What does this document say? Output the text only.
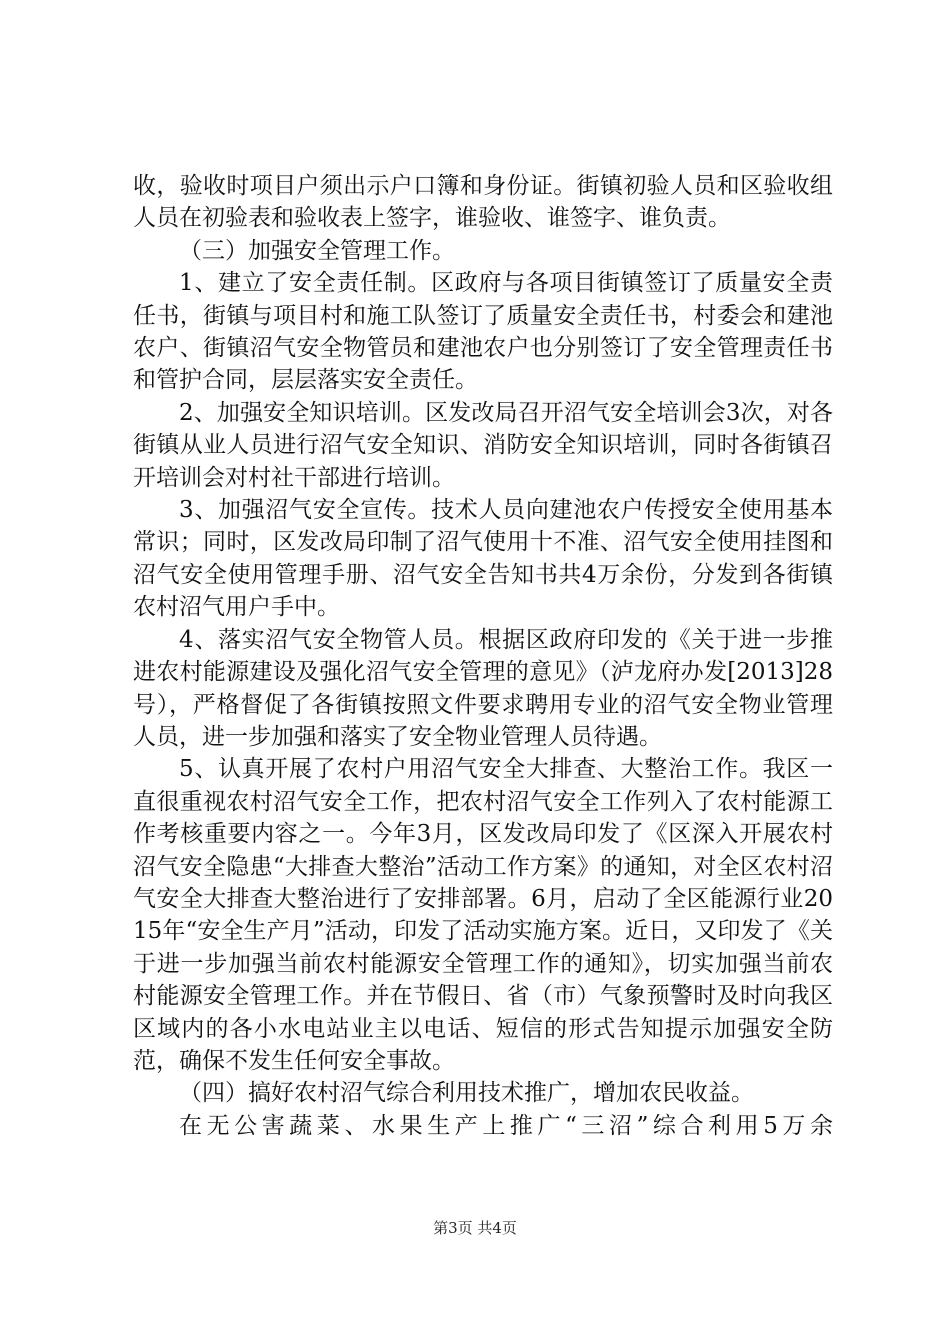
收，验收时项目户须出示户口簿和身份证。街镇初验人员和区验收组人员在初验表和验收表上签字，谁验收、谁签字、谁负责。

（三）加强安全管理工作。

1、建立了安全责任制。区政府与各项目街镇签订了质量安全责任书，街镇与项目村和施工队签订了质量安全责任书，村委会和建池农户、街镇沼气安全物管员和建池农户也分别签订了安全管理责任书和管护合同，层层落实安全责任。

2、加强安全知识培训。区发改局召开沼气安全培训会3次，对各街镇从业人员进行沼气安全知识、消防安全知识培训，同时各街镇召开培训会对村社干部进行培训。

3、加强沼气安全宣传。技术人员向建池农户传授安全使用基本常识；同时，区发改局印制了沼气使用十不准、沼气安全使用挂图和沼气安全使用管理手册、沼气安全告知书共4万余份，分发到各街镇农村沼气用户手中。

4、落实沼气安全物管人员。根据区政府印发的《关于进一步推进农村能源建设及强化沼气安全管理的意见》（泸龙府办发[2013]28号），严格督促了各街镇按照文件要求聘用专业的沼气安全物业管理人员，进一步加强和落实了安全物业管理人员待遇。

5、认真开展了农村户用沼气安全大排查、大整治工作。我区一直很重视农村沼气安全工作，把农村沼气安全工作列入了农村能源工作考核重要内容之一。今年3月，区发改局印发了《区深入开展农村沼气安全隐患“大排查大整治”活动工作方案》的通知，对全区农村沼气安全大排查大整治进行了安排部署。6月，启动了全区能源行业2015年“安全生产月”活动，印发了活动实施方案。近日，又印发了《关于进一步加强当前农村能源安全管理工作的通知》，切实加强当前农村能源安全管理工作。并在节假日、省（市）气象预警时及时向我区区域内的各小水电站业主以电话、短信的形式告知提示加强安全防范，确保不发生任何安全事故。

（四）搞好农村沼气综合利用技术推广，增加农民收益。

在无公害蔬菜、水果生产上推广“三沼”综合利用5万余

第3页 共4页
